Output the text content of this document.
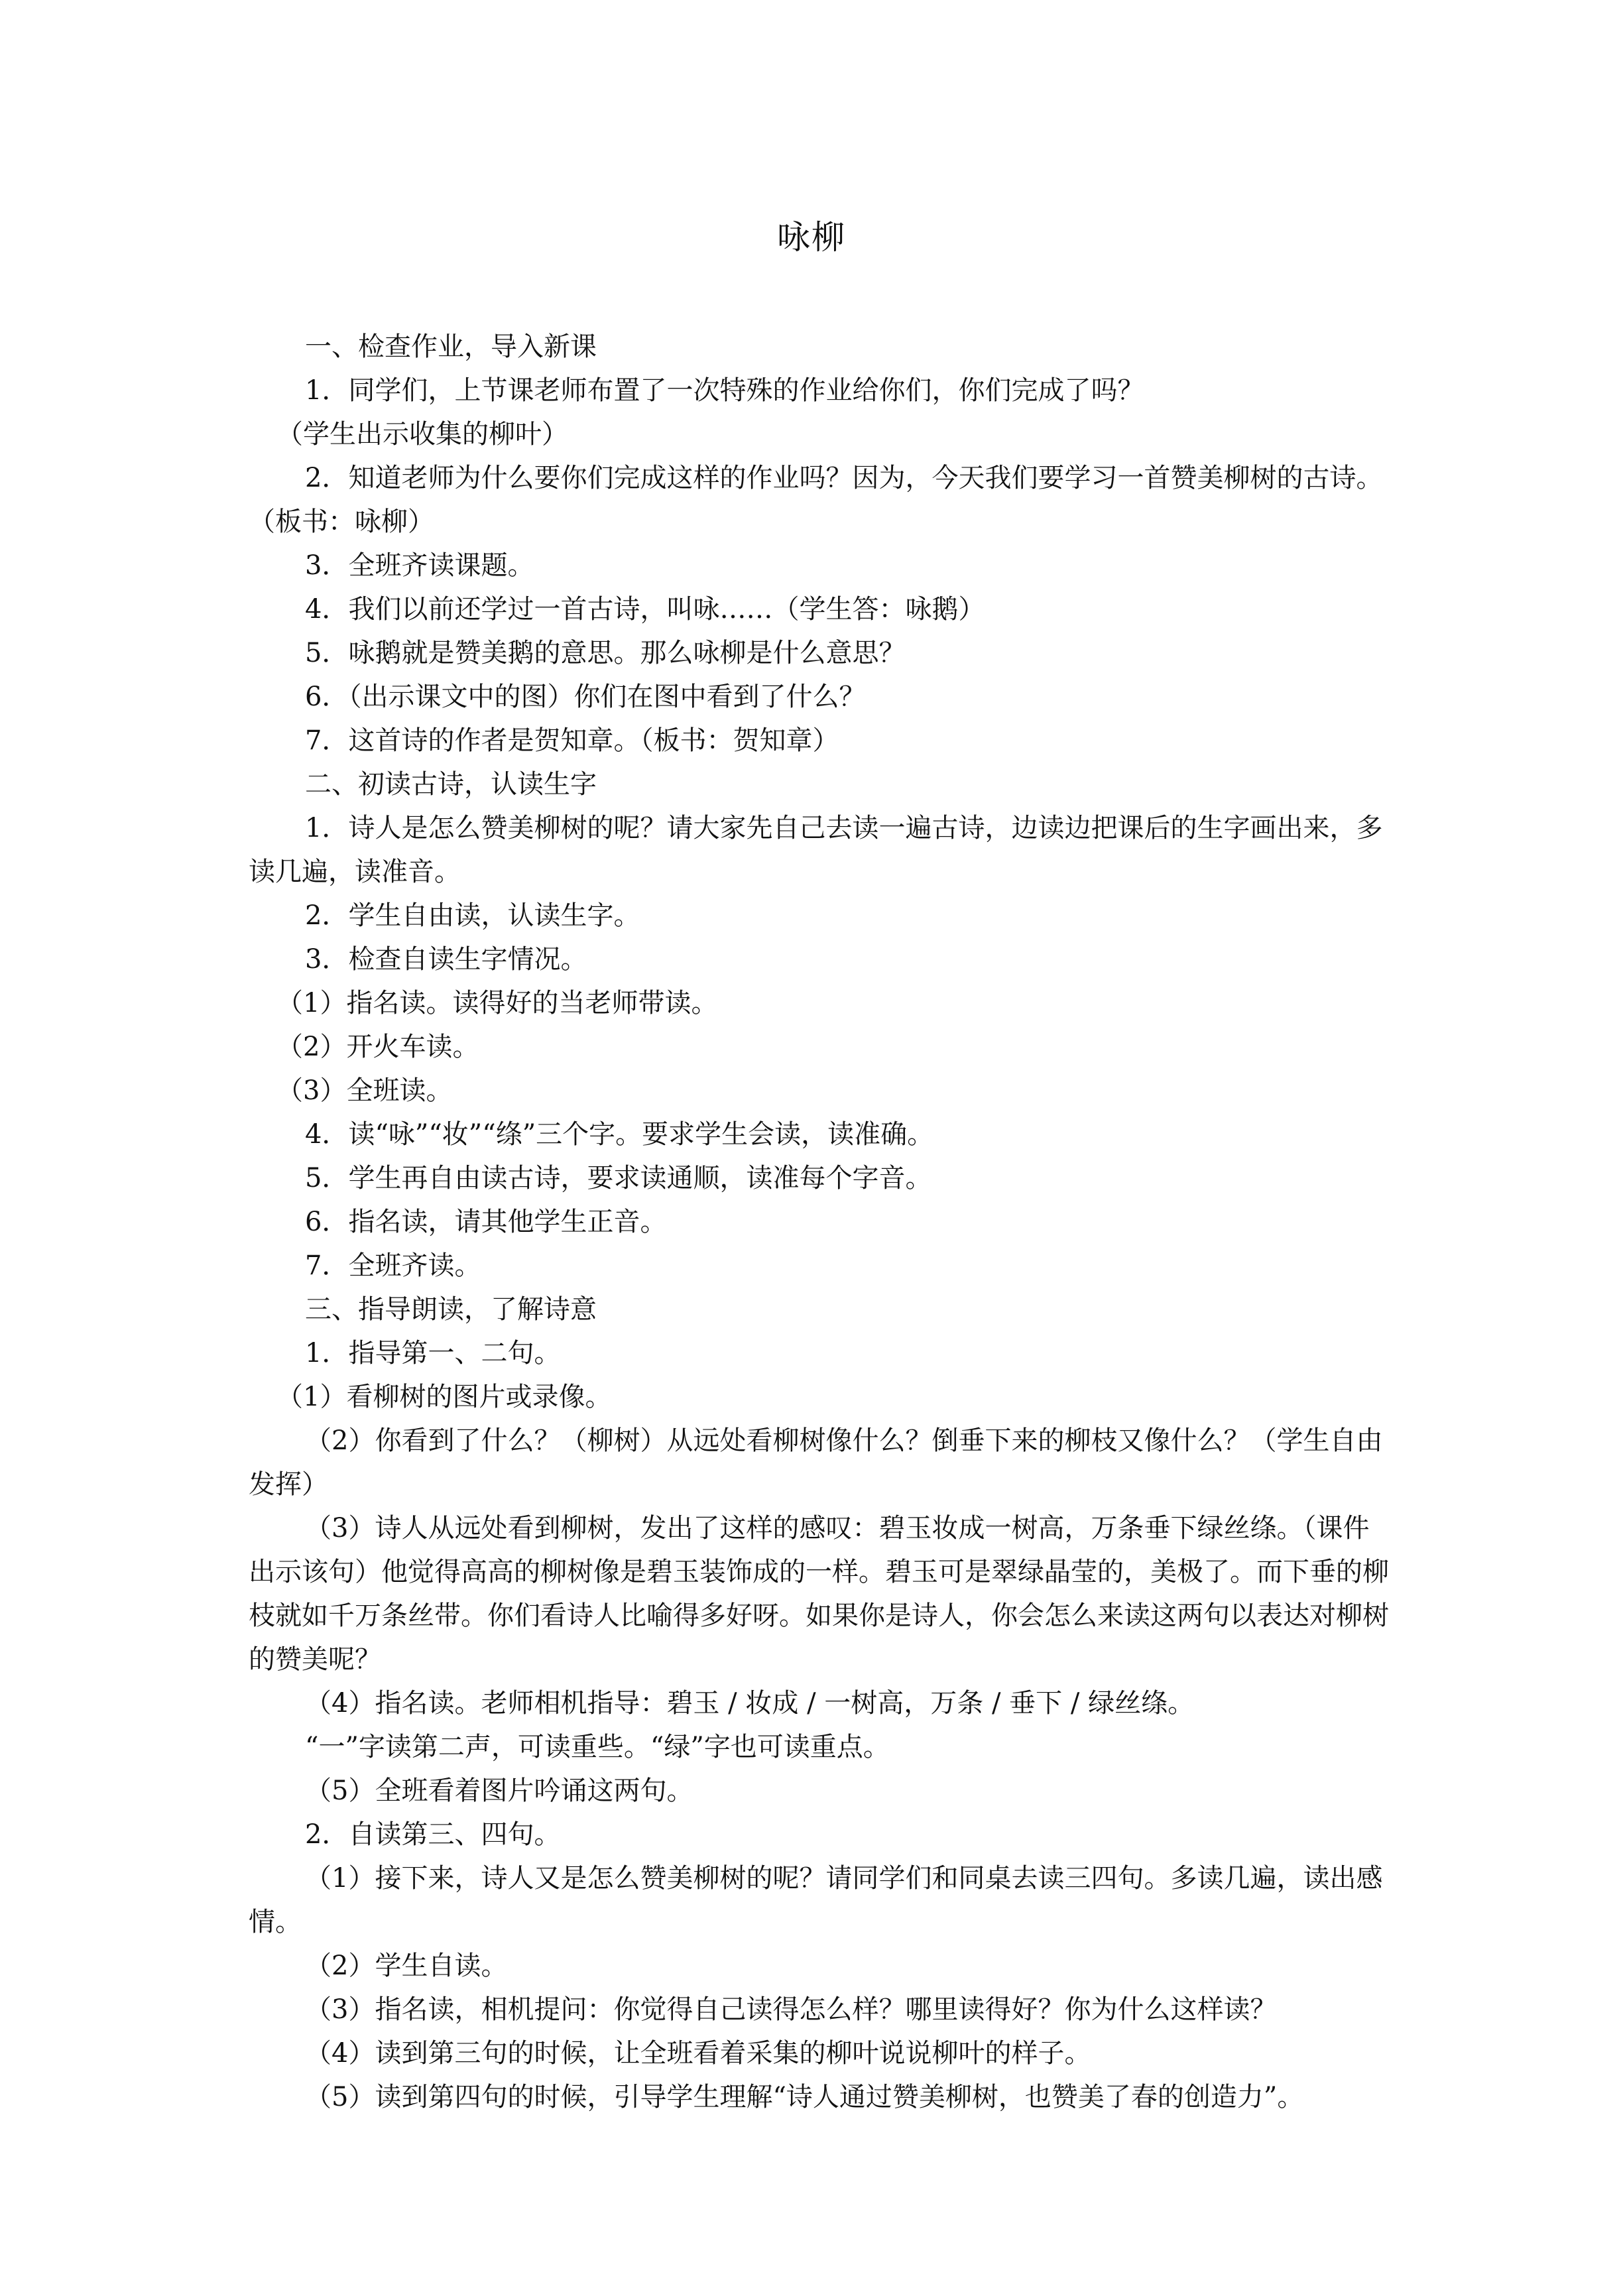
咏柳

一、检查作业，导入新课

1．同学们，上节课老师布置了一次特殊的作业给你们，你们完成了吗？

（学生出示收集的柳叶）

2．知道老师为什么要你们完成这样的作业吗？因为，今天我们要学习一首赞美柳树的古诗。（板书：咏柳）

3．全班齐读课题。

4．我们以前还学过一首古诗，叫咏……（学生答：咏鹅）

5．咏鹅就是赞美鹅的意思。那么咏柳是什么意思？

6．（出示课文中的图）你们在图中看到了什么？

7．这首诗的作者是贺知章。（板书：贺知章）

二、初读古诗，认读生字

1．诗人是怎么赞美柳树的呢？请大家先自己去读一遍古诗，边读边把课后的生字画出来，多读几遍，读准音。

2．学生自由读，认读生字。

3．检查自读生字情况。

（1）指名读。读得好的当老师带读。

（2）开火车读。

（3）全班读。

4．读“咏”“妆”“绦”三个字。要求学生会读，读准确。

5．学生再自由读古诗，要求读通顺，读准每个字音。

6．指名读，请其他学生正音。

7．全班齐读。

三、指导朗读，了解诗意

1．指导第一、二句。

（1）看柳树的图片或录像。

（2）你看到了什么？（柳树）从远处看柳树像什么？倒垂下来的柳枝又像什么？（学生自由发挥）

（3）诗人从远处看到柳树，发出了这样的感叹：碧玉妆成一树高，万条垂下绿丝绦。（课件出示该句）他觉得高高的柳树像是碧玉装饰成的一样。碧玉可是翠绿晶莹的，美极了。而下垂的柳枝就如千万条丝带。你们看诗人比喻得多好呀。如果你是诗人，你会怎么来读这两句以表达对柳树的赞美呢？

（4）指名读。老师相机指导：碧玉 / 妆成 / 一树高，万条 / 垂下 / 绿丝绦。

“一”字读第二声，可读重些。“绿”字也可读重点。

（5）全班看着图片吟诵这两句。

2．自读第三、四句。

（1）接下来，诗人又是怎么赞美柳树的呢？请同学们和同桌去读三四句。多读几遍，读出感情。

（2）学生自读。

（3）指名读，相机提问：你觉得自己读得怎么样？哪里读得好？你为什么这样读？

（4）读到第三句的时候，让全班看着采集的柳叶说说柳叶的样子。

（5）读到第四句的时候，引导学生理解“诗人通过赞美柳树，也赞美了春的创造力”。
